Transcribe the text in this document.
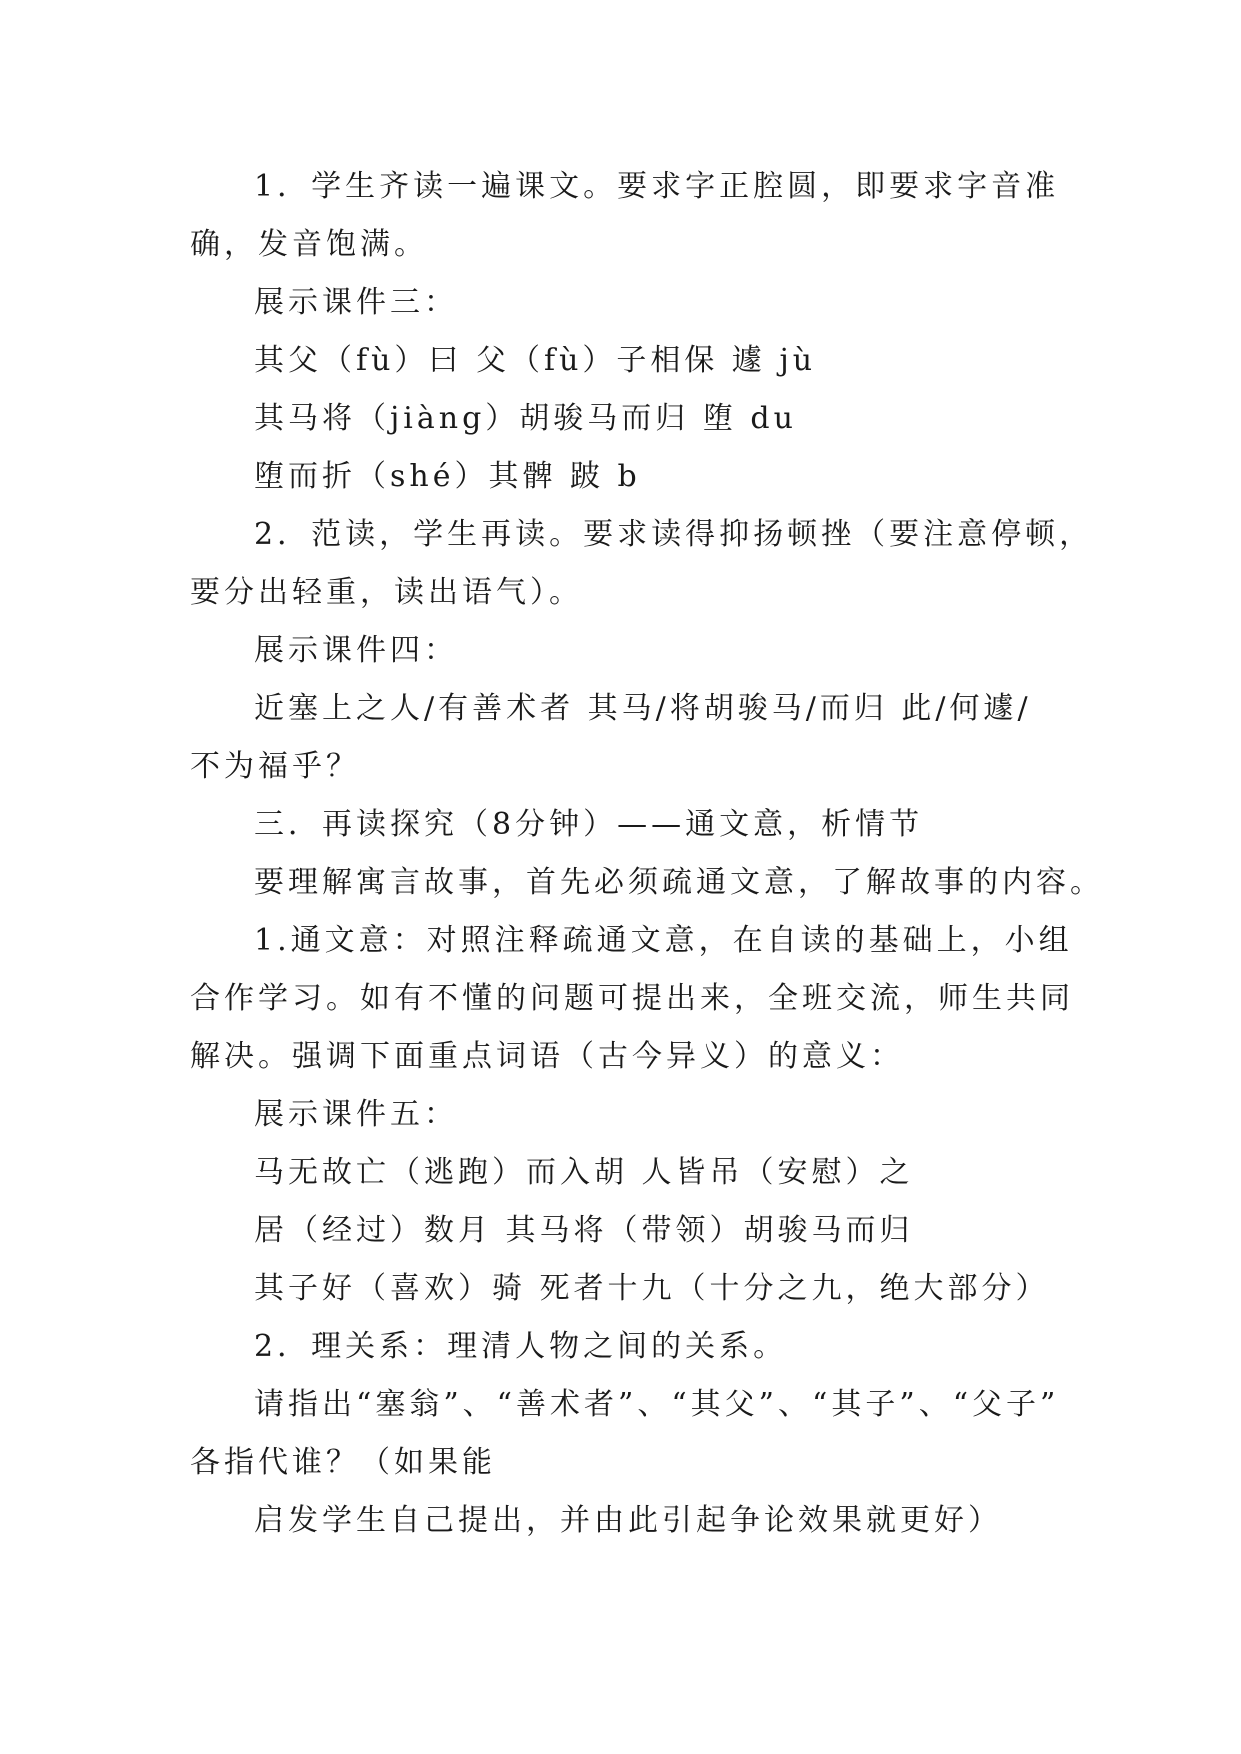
1．学生齐读一遍课文。要求字正腔圆，即要求字音准
确，发音饱满。
展示课件三：
其父（fù）曰 父（fù）子相保 遽 jù
其马将（jiàng）胡骏马而归 堕 du
堕而折（shé）其髀 跛 b
2．范读，学生再读。要求读得抑扬顿挫（要注意停顿，
要分出轻重，读出语气）。
展示课件四：
近塞上之人/有善术者 其马/将胡骏马/而归 此/何遽/
不为福乎？
三．再读探究（8分钟）——通文意，析情节
要理解寓言故事，首先必须疏通文意，了解故事的内容。
1.通文意：对照注释疏通文意，在自读的基础上，小组
合作学习。如有不懂的问题可提出来，全班交流，师生共同
解决。强调下面重点词语（古今异义）的意义：
展示课件五：
马无故亡（逃跑）而入胡 人皆吊（安慰）之
居（经过）数月 其马将（带领）胡骏马而归
其子好（喜欢）骑 死者十九（十分之九，绝大部分）
2．理关系：理清人物之间的关系。
请指出“塞翁”、“善术者”、“其父”、“其子”、“父子”
各指代谁？（如果能
启发学生自己提出，并由此引起争论效果就更好）
